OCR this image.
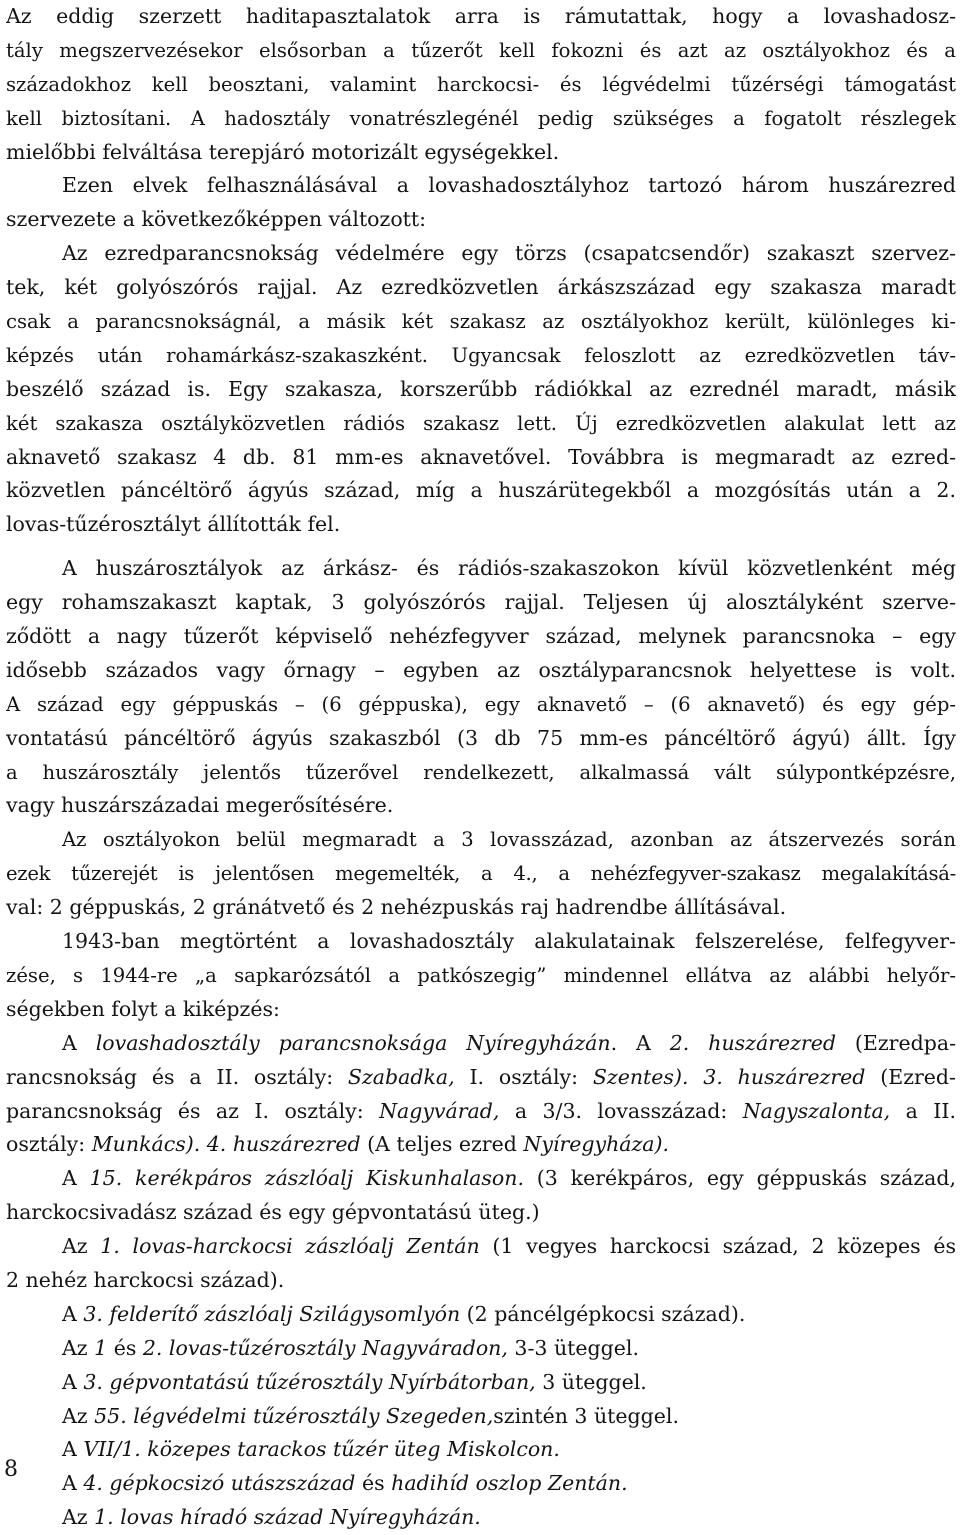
Az eddig szerzett haditapasztalatok arra is rámutattak, hogy a lovashadosz-
tály megszervezésekor elsősorban a tűzerőt kell fokozni és azt az osztályokhoz és a
századokhoz kell beosztani, valamint harckocsi- és légvédelmi tűzérségi támogatást
kell biztosítani. A hadosztály vonatrészlegénél pedig szükséges a fogatolt részlegek
mielőbbi felváltása terepjáró motorizált egységekkel.
Ezen elvek felhasználásával a lovashadosztályhoz tartozó három huszárezred
szervezete a következőképpen változott:
Az ezredparancsnokság védelmére egy törzs (csapatcsendőr) szakaszt szervez-
tek, két golyószórós rajjal. Az ezredközvetlen árkászszázad egy szakasza maradt
csak a parancsnokságnál, a másik két szakasz az osztályokhoz került, különleges ki-
képzés után rohamárkász-szakaszként. Ugyancsak feloszlott az ezredközvetlen táv-
beszélő század is. Egy szakasza, korszerűbb rádiókkal az ezrednél maradt, másik
két szakasza osztályközvetlen rádiós szakasz lett. Új ezredközvetlen alakulat lett az
aknavető szakasz 4 db. 81 mm-es aknavetővel. Továbbra is megmaradt az ezred-
közvetlen páncéltörő ágyús század, míg a huszárütegekből a mozgósítás után a 2.
lovas-tűzérosztályt állították fel.
A huszárosztályok az árkász- és rádiós-szakaszokon kívül közvetlenként még
egy rohamszakaszt kaptak, 3 golyószórós rajjal. Teljesen új alosztályként szerve-
ződött a nagy tűzerőt képviselő nehézfegyver század, melynek parancsnoka – egy
idősebb százados vagy őrnagy – egyben az osztályparancsnok helyettese is volt.
A század egy géppuskás – (6 géppuska), egy aknavető – (6 aknavető) és egy gép-
vontatású páncéltörő ágyús szakaszból (3 db 75 mm-es páncéltörő ágyú) állt. Így
a huszárosztály jelentős tűzerővel rendelkezett, alkalmassá vált súlypontképzésre,
vagy huszárszázadai megerősítésére.
Az osztályokon belül megmaradt a 3 lovasszázad, azonban az átszervezés során
ezek tűzerejét is jelentősen megemelték, a 4., a nehézfegyver-szakasz megalakításá-
val: 2 géppuskás, 2 gránátvető és 2 nehézpuskás raj hadrendbe állításával.
1943-ban megtörtént a lovashadosztály alakulatainak felszerelése, felfegyver-
zése, s 1944-re „a sapkarózsától a patkószegig” mindennel ellátva az alábbi helyőr-
ségekben folyt a kiképzés:
A lovashadosztály parancsnoksága Nyíregyházán. A 2. huszárezred (Ezredpa-
rancsnokság és a II. osztály: Szabadka, I. osztály: Szentes). 3. huszárezred (Ezred-
parancsnokság és az I. osztály: Nagyvárad, a 3/3. lovasszázad: Nagyszalonta, a II.
osztály: Munkács). 4. huszárezred (A teljes ezred Nyíregyháza).
A 15. kerékpáros zászlóalj Kiskunhalason. (3 kerékpáros, egy géppuskás század,
harckocsivadász század és egy gépvontatású üteg.)
Az 1. lovas-harckocsi zászlóalj Zentán (1 vegyes harckocsi század, 2 közepes és
2 nehéz harckocsi század).
A 3. felderítő zászlóalj Szilágysomlyón (2 páncélgépkocsi század).
Az 1 és 2. lovas-tűzérosztály Nagyváradon, 3-3 üteggel.
A 3. gépvontatású tűzérosztály Nyírbátorban, 3 üteggel.
Az 55. légvédelmi tűzérosztály Szegeden,szintén 3 üteggel.
A VII/1. közepes tarackos tűzér üteg Miskolcon.
A 4. gépkocsizó utászszázad és hadihíd oszlop Zentán.
Az 1. lovas híradó század Nyíregyházán.
8
